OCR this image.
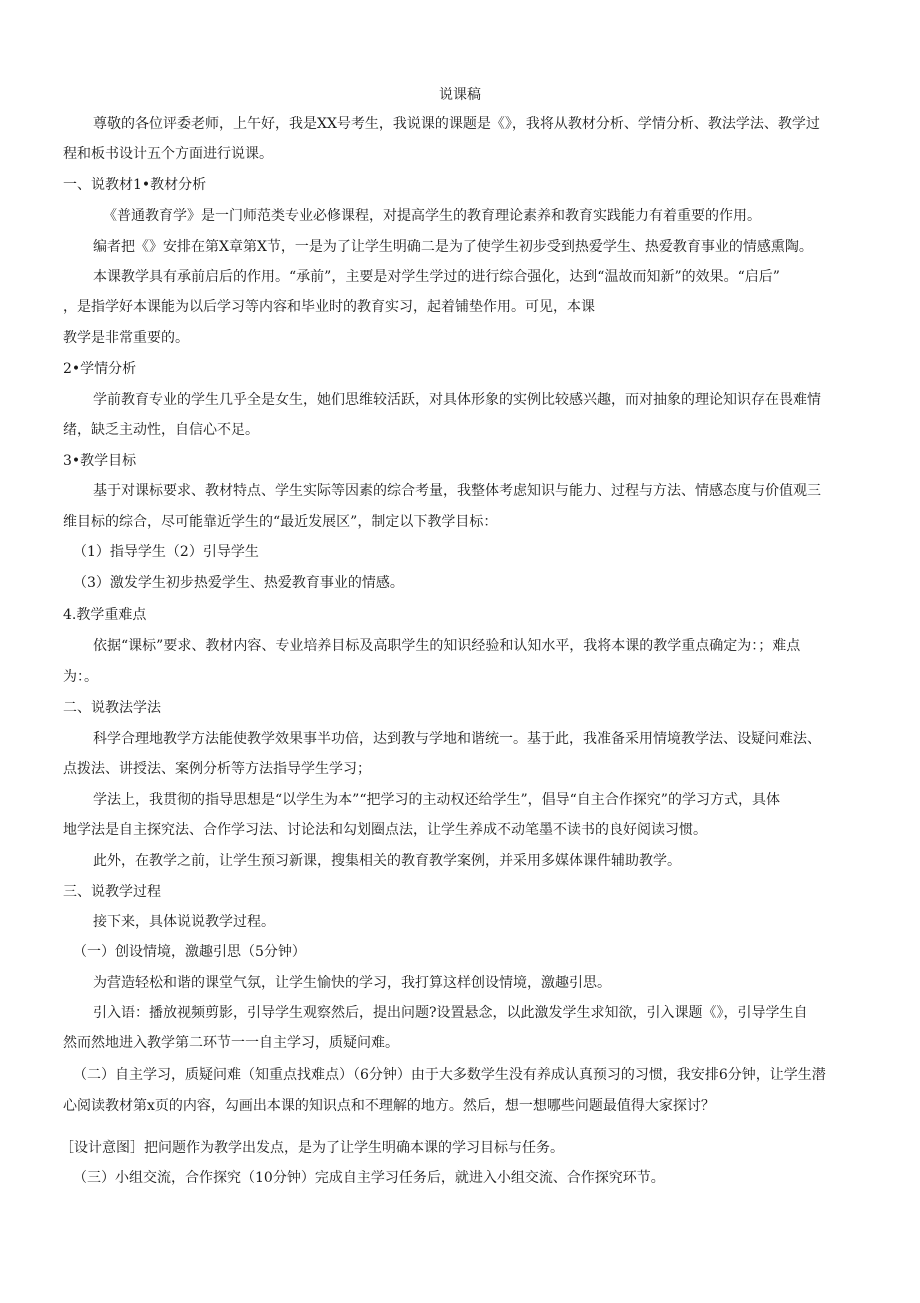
说课稿
尊敬的各位评委老师，上午好，我是XX号考生，我说课的课题是《》，我将从教材分析、学情分析、教法学法、教学过
程和板书设计五个方面进行说课。
一、说教材1•教材分析
《普通教育学》是一门师范类专业必修课程，对提高学生的教育理论素养和教育实践能力有着重要的作用。
编者把《》安排在第X章第X节，一是为了让学生明确二是为了使学生初步受到热爱学生、热爱教育事业的情感熏陶。
本课教学具有承前启后的作用。“承前”，主要是对学生学过的进行综合强化，达到“温故而知新”的效果。“启后”
，是指学好本课能为以后学习等内容和毕业时的教育实习，起着铺垫作用。可见，本课
教学是非常重要的。
2•学情分析
学前教育专业的学生几乎全是女生，她们思维较活跃，对具体形象的实例比较感兴趣，而对抽象的理论知识存在畏难情
绪，缺乏主动性，自信心不足。
3•教学目标
基于对课标要求、教材特点、学生实际等因素的综合考量，我整体考虑知识与能力、过程与方法、情感态度与价值观三
维目标的综合，尽可能靠近学生的“最近发展区”，制定以下教学目标：
（1）指导学生（2）引导学生
（3）激发学生初步热爱学生、热爱教育事业的情感。
4.教学重难点
依据“课标”要求、教材内容、专业培养目标及高职学生的知识经验和认知水平，我将本课的教学重点确定为：；难点
为：。
二、说教法学法
科学合理地教学方法能使教学效果事半功倍，达到教与学地和谐统一。基于此，我准备采用情境教学法、设疑问难法、
点拨法、讲授法、案例分析等方法指导学生学习；
学法上，我贯彻的指导思想是“以学生为本”“把学习的主动权还给学生”，倡导“自主合作探究”的学习方式，具体
地学法是自主探究法、合作学习法、讨论法和勾划圈点法，让学生养成不动笔墨不读书的良好阅读习惯。
此外，在教学之前，让学生预习新课，搜集相关的教育教学案例，并采用多媒体课件辅助教学。
三、说教学过程
接下来，具体说说教学过程。
（一）创设情境，激趣引思（5分钟）
为营造轻松和谐的课堂气氛，让学生愉快的学习，我打算这样创设情境，激趣引思。
引入语：播放视频剪影，引导学生观察然后，提出问题?设置悬念，以此激发学生求知欲，引入课题《》，引导学生自
然而然地进入教学第二环节一一自主学习，质疑问难。
（二）自主学习，质疑问难（知重点找难点）（6分钟）由于大多数学生没有养成认真预习的习惯，我安排6分钟，让学生潜
心阅读教材第x页的内容，勾画出本课的知识点和不理解的地方。然后，想一想哪些问题最值得大家探讨？
［设计意图］把问题作为教学出发点，是为了让学生明确本课的学习目标与任务。
（三）小组交流，合作探究（10分钟）完成自主学习任务后，就进入小组交流、合作探究环节。
